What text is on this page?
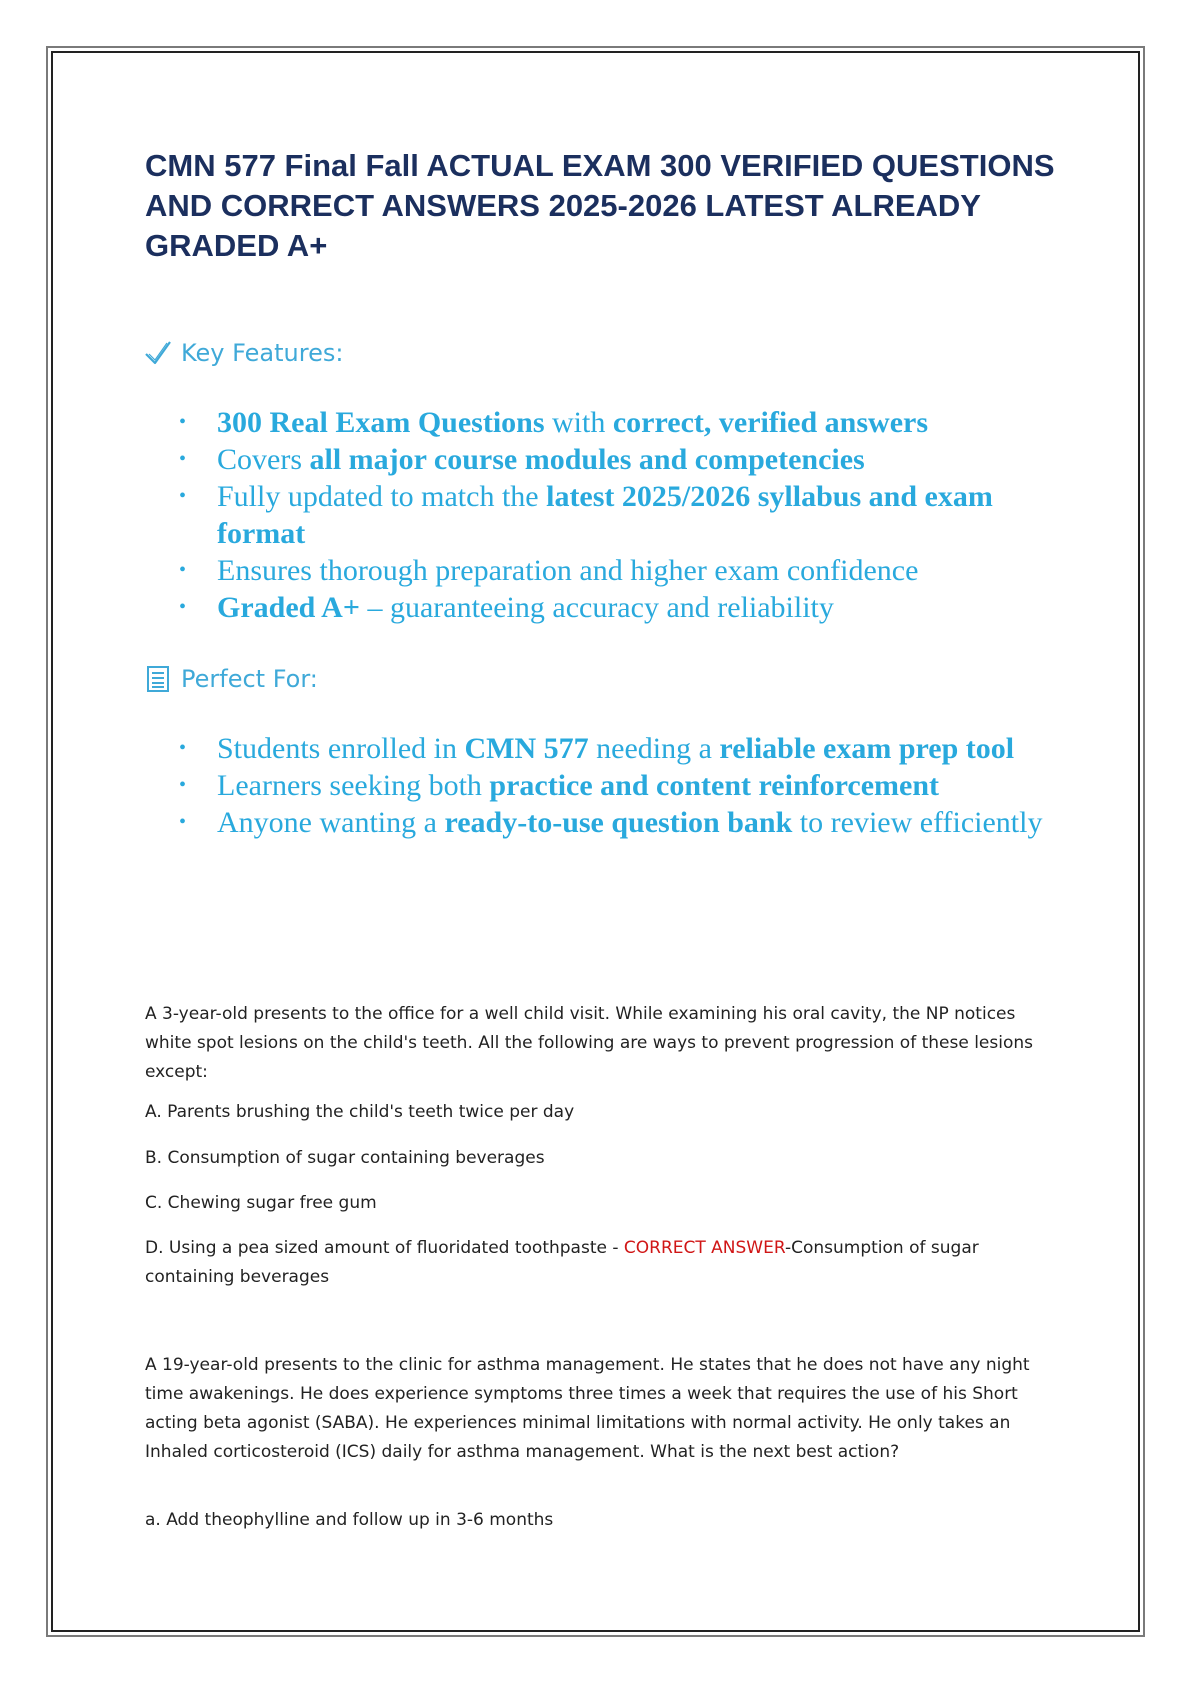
CMN 577 Final Fall ACTUAL EXAM 300 VERIFIED QUESTIONS AND CORRECT ANSWERS 2025-2026 LATEST ALREADY GRADED A+
Key Features:
• 300 Real Exam Questions with correct, verified answers
• Covers all major course modules and competencies
• Fully updated to match the latest 2025/2026 syllabus and exam format
• Ensures thorough preparation and higher exam confidence
• Graded A+ – guaranteeing accuracy and reliability
Perfect For:
• Students enrolled in CMN 577 needing a reliable exam prep tool
• Learners seeking both practice and content reinforcement
• Anyone wanting a ready-to-use question bank to review efficiently

A 3-year-old presents to the office for a well child visit. While examining his oral cavity, the NP notices white spot lesions on the child's teeth. All the following are ways to prevent progression of these lesions except:

A. Parents brushing the child's teeth twice per day

B. Consumption of sugar containing beverages

C. Chewing sugar free gum

D. Using a pea sized amount of fluoridated toothpaste - CORRECT ANSWER-Consumption of sugar containing beverages

A 19-year-old presents to the clinic for asthma management. He states that he does not have any night time awakenings. He does experience symptoms three times a week that requires the use of his Short acting beta agonist (SABA). He experiences minimal limitations with normal activity. He only takes an Inhaled corticosteroid (ICS) daily for asthma management. What is the next best action?

a. Add theophylline and follow up in 3-6 months
